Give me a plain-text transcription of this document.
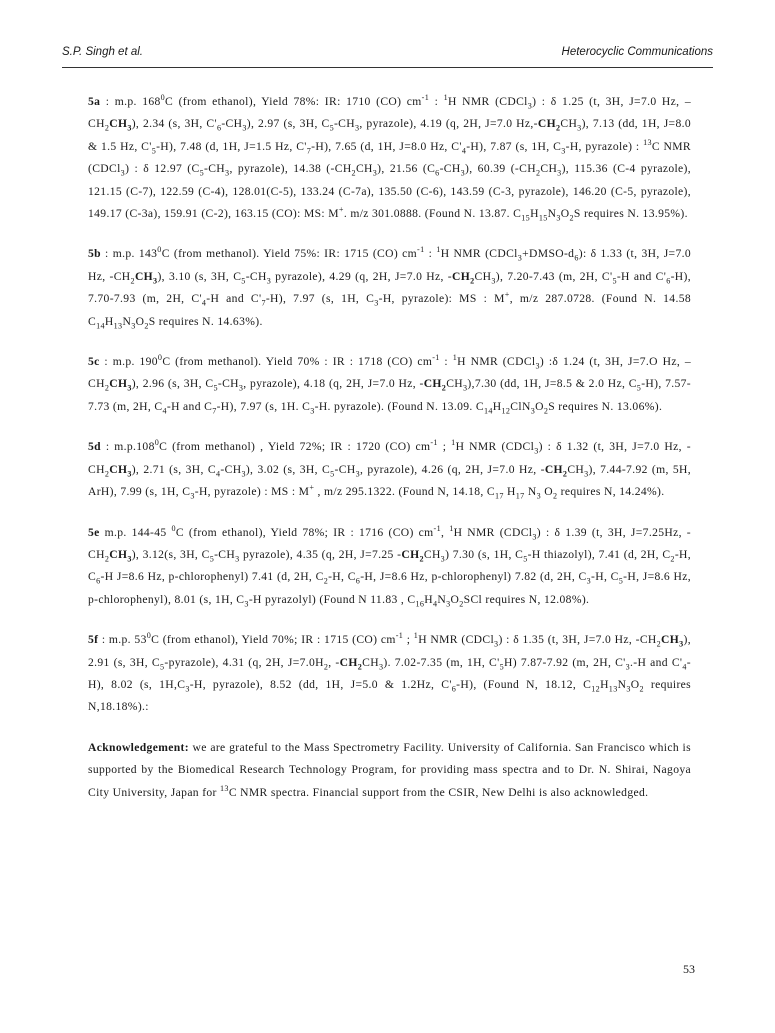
S.P. Singh et al.	Heterocyclic Communications

5a : m.p. $168^0C$ (from ethanol), Yield 78%: IR: 1710 (CO) $cm^{-1}$ : $^1$H NMR (CDCl$_3$) : δ 1.25 (t, 3H, J=7.0 Hz, $-CH_2CH_3$), 2.34 (s, 3H, $C'_6-CH_3$), 2.97 (s, 3H, $C_5-CH_3$, pyrazole), 4.19 (q, 2H, J=7.0 $Hz,-CH_2CH_3$), 7.13 (dd, 1H, J=8.0 & 1.5 Hz, $C'_5-H$), 7.48 (d, 1H, J=1.5 Hz, $C'_7-H$), 7.65 (d, 1H, J=8.0 Hz, $C'_4-H$), 7.87 (s, 1H, $C_3-H$, pyrazole) : $^{13}$C NMR (CDCl$_3$) : δ 12.97 ($C_5-CH_3$, pyrazole), 14.38 $(-CH_2CH_3)$, 21.56 $(C_6-CH_3)$, 60.39 $(-CH_2CH_3)$, 115.36 (C-4 pyrazole), 121.15 (C-7), 122.59 (C-4), 128.01(C-5), 133.24 (C-7a), 135.50 (C-6), 143.59 (C-3, pyrazole), 146.20 (C-5, pyrazole), 149.17 (C-3a), 159.91 (C-2), 163.15 (CO): MS: M+. m/z 301.0888. (Found N. 13.87. $C_{15}H_{15}N_3O_2S$ requires N. 13.95%).

5b : m.p. $143^0C$ (from methanol). Yield 75%: IR: 1715 (CO) $cm^{-1}$ : $^1$H NMR $(CDCl_3+DMSO-d_6)$: δ 1.33 (t, 3H, J=7.0 Hz, $-CH_2CH_3$), 3.10 (s, 3H, $C_5-CH_3$ pyrazole), 4.29 (q, 2H, J=7.0 Hz, $-CH_2CH_3$), 7.20-7.43 (m, 2H, $C'_5-H$ and $C'_6-H$), 7.70-7.93 (m, 2H, $C'_4-H$ and $C'_7-H$), 7.97 (s, 1H, $C_3-H$, pyrazole): MS : M+, m/z 287.0728. (Found N. 14.58 $C_{14}H_{13}N_3O_2S$ requires N. 14.63%).

5c : m.p. $190^0C$ (from methanol). Yield 70% : IR : 1718 (CO) $cm^{-1}$ : $^1$H NMR (CDCl$_3$) :δ 1.24 (t, 3H, J=7.O Hz, $-CH_2CH_3$), 2.96 (s, 3H, $C_5-CH_3$, pyrazole), 4.18 (q, 2H, J=7.0 Hz, $-CH_2CH_3),7.30$ (dd, 1H, J=8.5 & 2.0 Hz, $C_5-H$), 7.57-7.73 (m, 2H, $C_4-H$ and $C_7-H$), 7.97 (s, 1H. $C_3-H$. pyrazole). (Found N. 13.09. $C_{14}H_{12}ClN_3O_2S$ requires N. 13.06%).

5d : m.p.108$^0$C (from methanol) , Yield 72%; IR : 1720 (CO) $cm^{-1}$ ; $^1$H NMR (CDCl$_3$) : δ 1.32 (t, 3H, J=7.0 Hz, $-CH_2CH_3$), 2.71 (s, 3H, $C_4-CH_3$), 3.02 (s, 3H, $C_5-CH_3$, pyrazole), 4.26 (q, 2H, J=7.0 Hz, $-CH_2CH_3$), 7.44-7.92 (m, 5H, ArH), 7.99 (s, 1H, $C_3-H$, pyrazole) : MS : M+ , m/z 295.1322. (Found N, 14.18, $C_{17}$ $H_{17}$ $N_3$ $O_2$ requires N, 14.24%).

5e m.p. 144-45 $^0$C (from ethanol), Yield 78%; IR : 1716 (CO) $cm^{-1}$, $^1$H NMR (CDCl$_3$) : δ 1.39 (t, 3H, J=7.25Hz, $-CH_2CH_3$), 3.12(s, 3H, $C_5-CH_3$ pyrazole), 4.35 (q, 2H, J=7.25 $-CH_2CH_3$) 7.30 (s, 1H, $C_5-H$ thiazolyl), 7.41 (d, 2H, $C_2-H$, $C_6-H$ J=8.6 Hz, p-chlorophenyl) 7.41 (d, 2H, $C_2-H$, $C_6-H$, J=8.6 Hz, p-chlorophenyl) 7.82 (d, 2H, $C_3-H$, $C_5-H$, J=8.6 Hz, p-chlorophenyl), 8.01 (s, 1H, $C_3-H$ pyrazolyl) (Found N 11.83 , $C_{16}H_4N_3O_2SCl$ requires N, 12.08%).

5f : m.p. $53^0C$ (from ethanol), Yield 70%; IR : 1715 (CO) $cm^{-1}$ ; $^1$H NMR (CDCl$_3$) : δ 1.35 (t, 3H, J=7.0 Hz, $-CH_2CH_3$), 2.91 (s, 3H, $C_5-pyrazole$), 4.31 (q, 2H, $J=7.0H_2$, $-CH_2CH_3$). 7.02-7.35 (m, 1H, $C'_5H$) 7.87-7.92 (m, 2H, $C'_3.-H$ and $C'_4-H$), 8.02 (s, $1H,C_3-H$, pyrazole), 8.52 (dd, 1H, J=5.0 & 1.2Hz, $C'_6-H$), (Found N, 18.12, $C_{12}H_{13}N_3O_2$ requires N,18.18%).:

Acknowledgement: we are grateful to the Mass Spectrometry Facility. University of California. San Francisco which is supported by the Biomedical Research Technology Program, for providing mass spectra and to Dr. N. Shirai, Nagoya City University, Japan for $^{13}$C NMR spectra. Financial support from the CSIR, New Delhi is also acknowledged.

53
